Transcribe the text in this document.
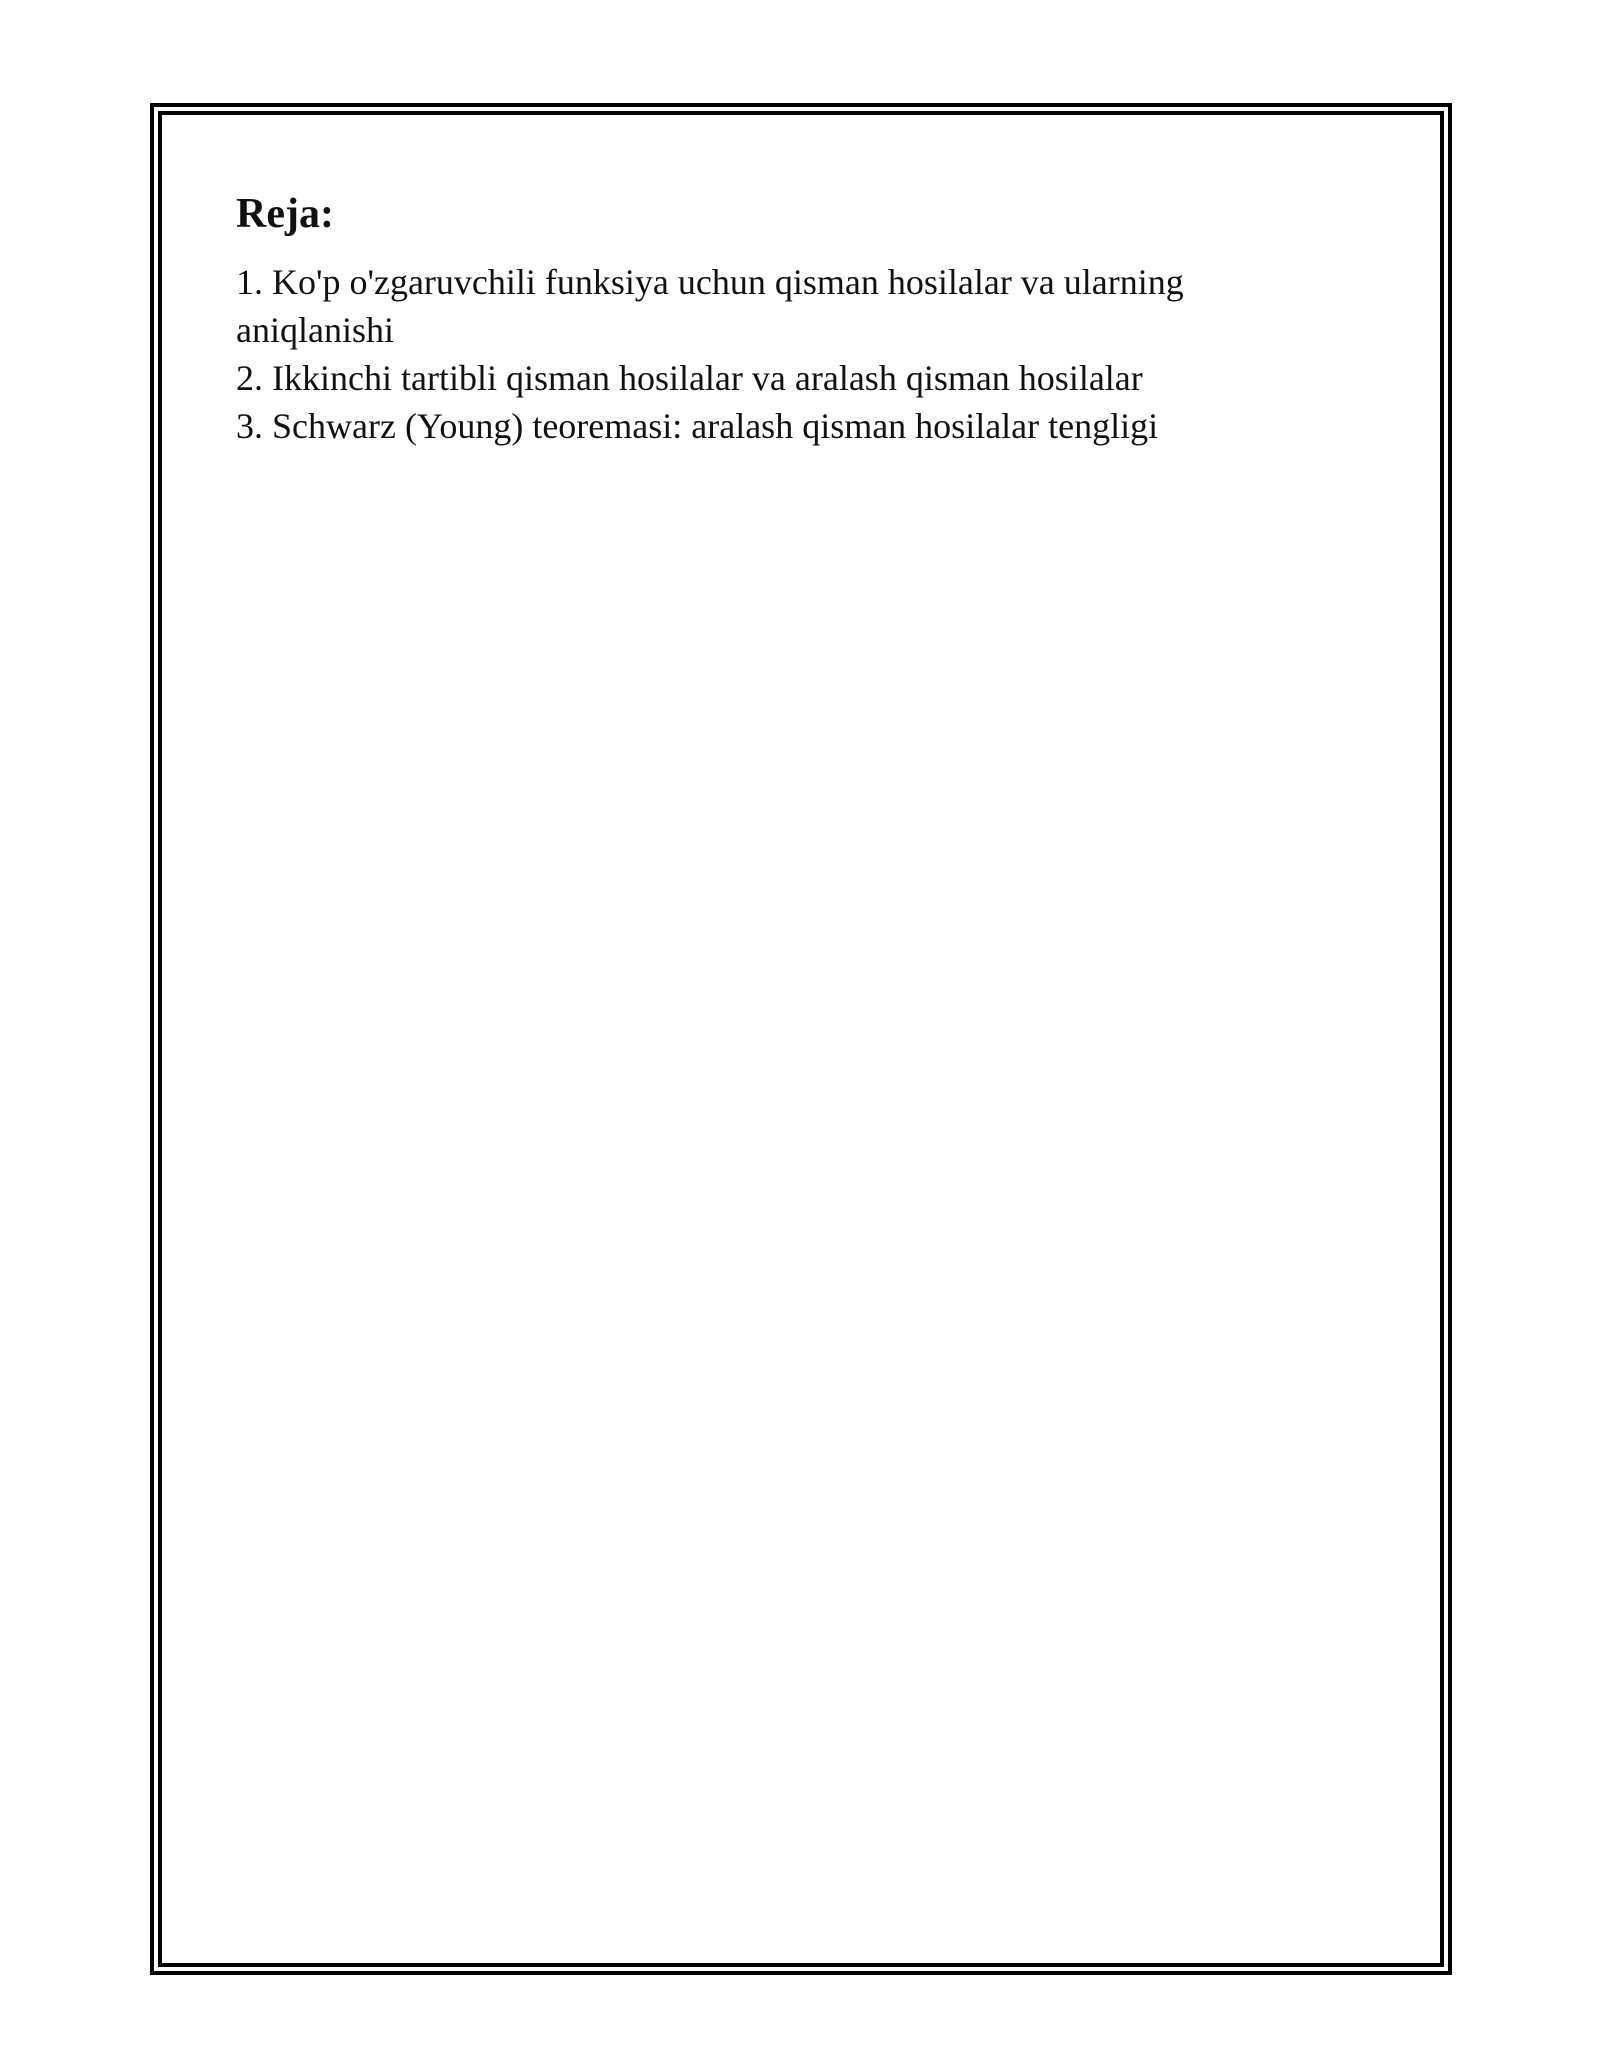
Reja:
1. Ko'p o'zgaruvchili funksiya uchun qisman hosilalar va ularning aniqlanishi
2. Ikkinchi tartibli qisman hosilalar va aralash qisman hosilalar
3. Schwarz (Young) teoremasi: aralash qisman hosilalar tengligi
